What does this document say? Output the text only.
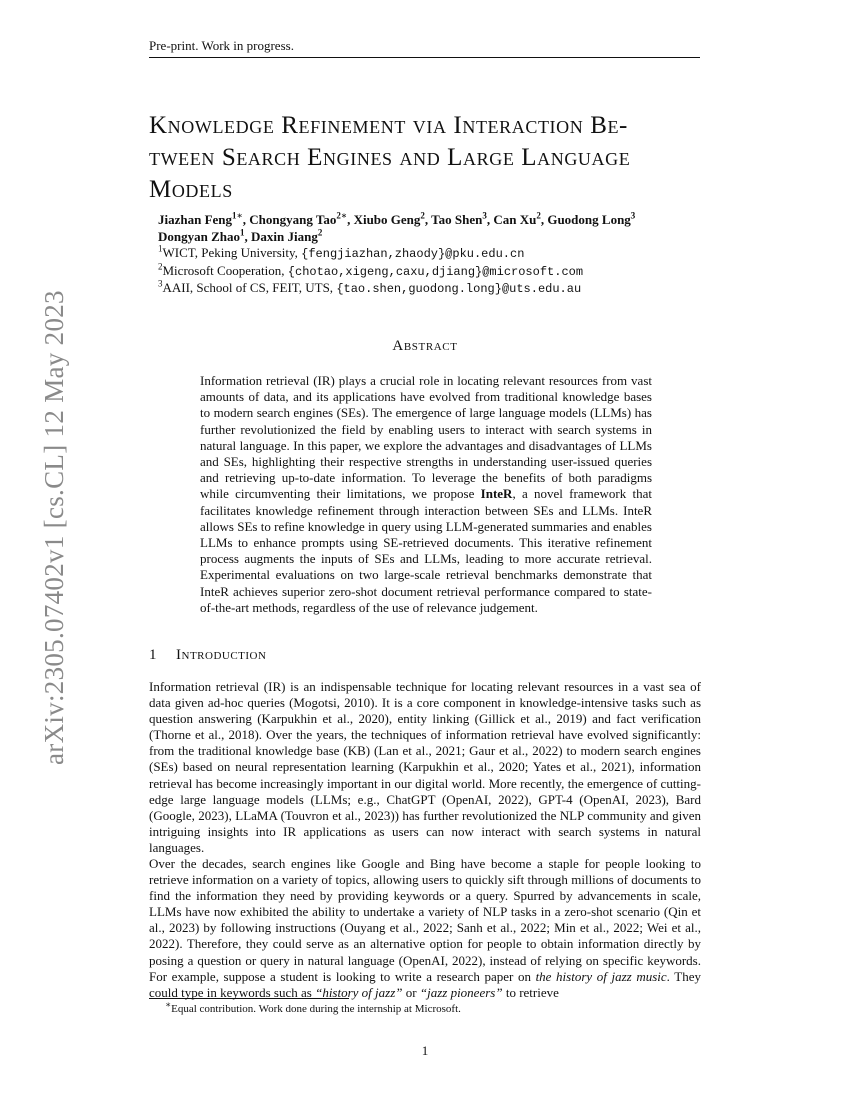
Pre-print. Work in progress.
arXiv:2305.07402v1 [cs.CL] 12 May 2023
Knowledge Refinement via Interaction Be-
tween Search Engines and Large Language
Models
Jiazhan Feng$^{1∗}$, Chongyang Tao$^{2∗}$, Xiubo Geng$^2$, Tao Shen$^3$, Can Xu$^2$, Guodong Long$^3$
Dongyan Zhao$^1$, Daxin Jiang$^2$
$^1$WICT, Peking University, {fengjiazhan,zhaody}@pku.edu.cn
$^2$Microsoft Cooperation, {chotao,xigeng,caxu,djiang}@microsoft.com
$^3$AAII, School of CS, FEIT, UTS, {tao.shen,guodong.long}@uts.edu.au
Abstract

Information retrieval (IR) plays a crucial role in locating relevant resources from vast amounts of data, and its applications have evolved from traditional knowledge bases to modern search engines (SEs). The emergence of large language models (LLMs) has further revolutionized the field by enabling users to interact with search systems in natural language. In this paper, we explore the advantages and disadvantages of LLMs and SEs, highlighting their respective strengths in understanding user-issued queries and retrieving up-to-date information. To leverage the benefits of both paradigms while circumventing their limitations, we propose InteR, a novel framework that facilitates knowledge refinement through interaction between SEs and LLMs. InteR allows SEs to refine knowledge in query using LLM-generated summaries and enables LLMs to enhance prompts using SE-retrieved documents. This iterative refinement process augments the inputs of SEs and LLMs, leading to more accurate retrieval. Experimental evaluations on two large-scale retrieval benchmarks demonstrate that InteR achieves superior zero-shot document retrieval performance compared to state-of-the-art methods, regardless of the use of relevance judgement.

1 Introduction

Information retrieval (IR) is an indispensable technique for locating relevant resources in a vast sea of data given ad-hoc queries (Mogotsi, 2010). It is a core component in knowledge-intensive tasks such as question answering (Karpukhin et al., 2020), entity linking (Gillick et al., 2019) and fact verification (Thorne et al., 2018). Over the years, the techniques of information retrieval have evolved significantly: from the traditional knowledge base (KB) (Lan et al., 2021; Gaur et al., 2022) to modern search engines (SEs) based on neural representation learning (Karpukhin et al., 2020; Yates et al., 2021), information retrieval has become increasingly important in our digital world. More recently, the emergence of cutting-edge large language models (LLMs; e.g., ChatGPT (OpenAI, 2022), GPT-4 (OpenAI, 2023), Bard (Google, 2023), LLaMA (Touvron et al., 2023)) has further revolutionized the NLP community and given intriguing insights into IR applications as users can now interact with search systems in natural languages.

Over the decades, search engines like Google and Bing have become a staple for people looking to retrieve information on a variety of topics, allowing users to quickly sift through millions of documents to find the information they need by providing keywords or a query. Spurred by advancements in scale, LLMs have now exhibited the ability to undertake a variety of NLP tasks in a zero-shot scenario (Qin et al., 2023) by following instructions (Ouyang et al., 2022; Sanh et al., 2022; Min et al., 2022; Wei et al., 2022). Therefore, they could serve as an alternative option for people to obtain information directly by posing a question or query in natural language (OpenAI, 2022), instead of relying on specific keywords. For example, suppose a student is looking to write a research paper on the history of jazz music. They could type in keywords such as “history of jazz” or “jazz pioneers” to retrieve

∗Equal contribution. Work done during the internship at Microsoft.
1
